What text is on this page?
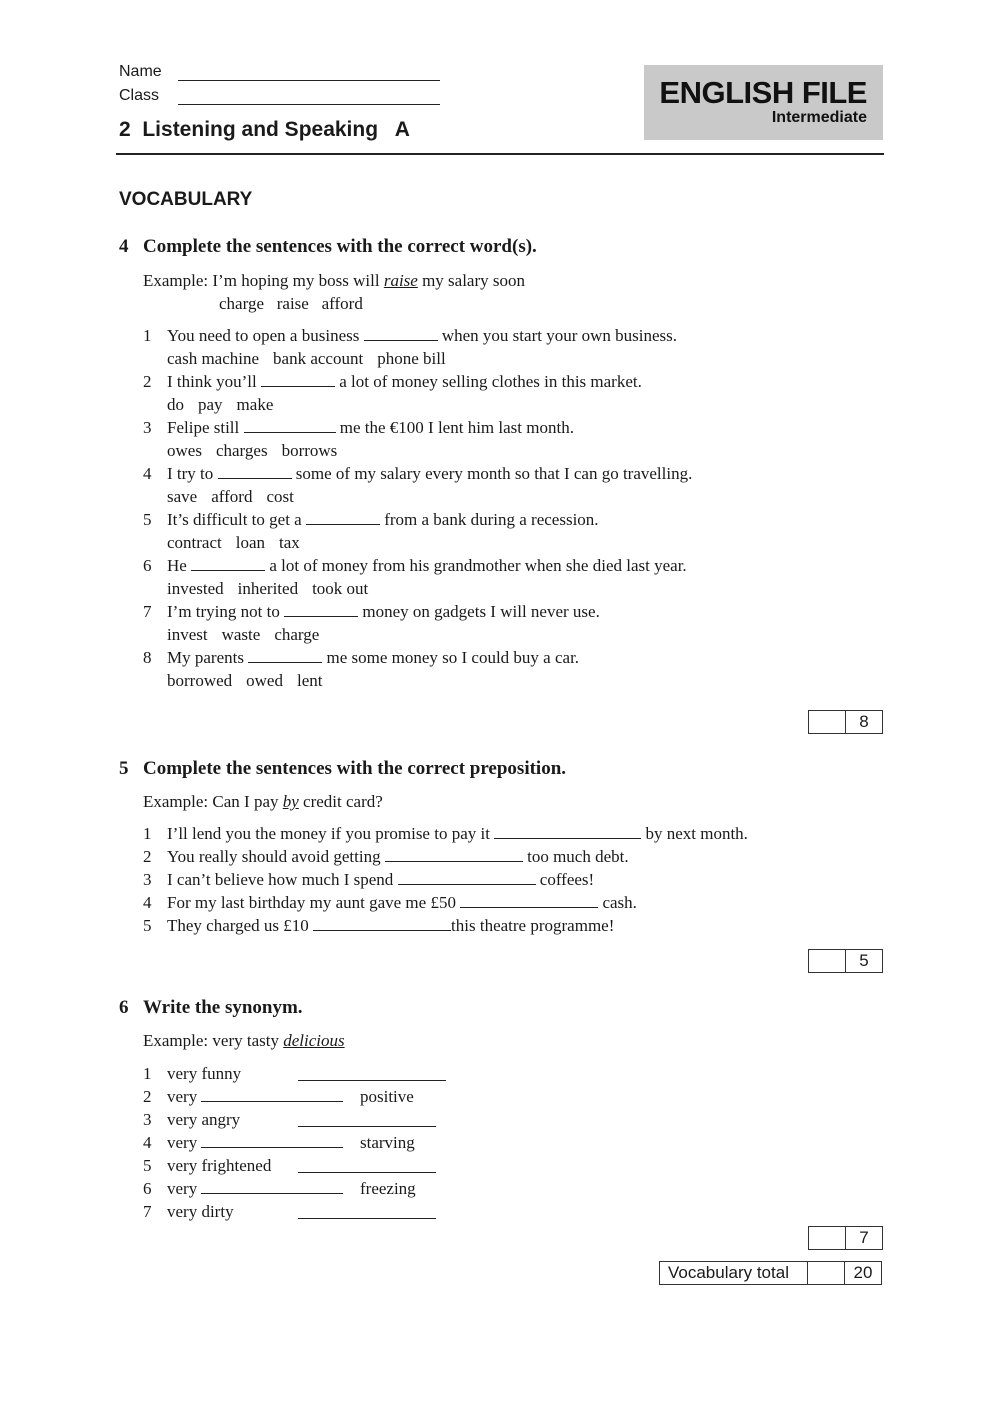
Name
Class
2  Listening and Speaking   A
ENGLISH FILE
Intermediate
VOCABULARY
4 Complete the sentences with the correct word(s).
Example: I’m hoping my boss will raise my salary soon
charge raise afford
1 You need to open a business	when you start your own business.
cash machine bank account phone bill
2 I think you’ll	a lot of money selling clothes in this market.
do pay make
3 Felipe still	me the €100 I lent him last month.
owes charges borrows
4 I try to	some of my salary every month so that I can go travelling.
save afford cost
5 It’s difficult to get a	from a bank during a recession.
contract loan tax
6 He	a lot of money from his grandmother when she died last year.
invested inherited took out
7 I’m trying not to	money on gadgets I will never use.
invest waste charge
8 My parents	me some money so I could buy a car.
borrowed owed lent
8
5 Complete the sentences with the correct preposition.
Example: Can I pay by credit card?
1 I’ll lend you the money if you promise to pay it	by next month.
2 You really should avoid getting	too much debt.
3 I can’t believe how much I spend	coffees!
4 For my last birthday my aunt gave me £50	cash.
5 They charged us £10	this theatre programme!
5
6 Write the synonym.
Example: very tasty delicious
1 very funny
2 very	positive
3 very angry
4 very	starving
5 very frightened
6 very	freezing
7 very dirty
7
Vocabulary total	20
